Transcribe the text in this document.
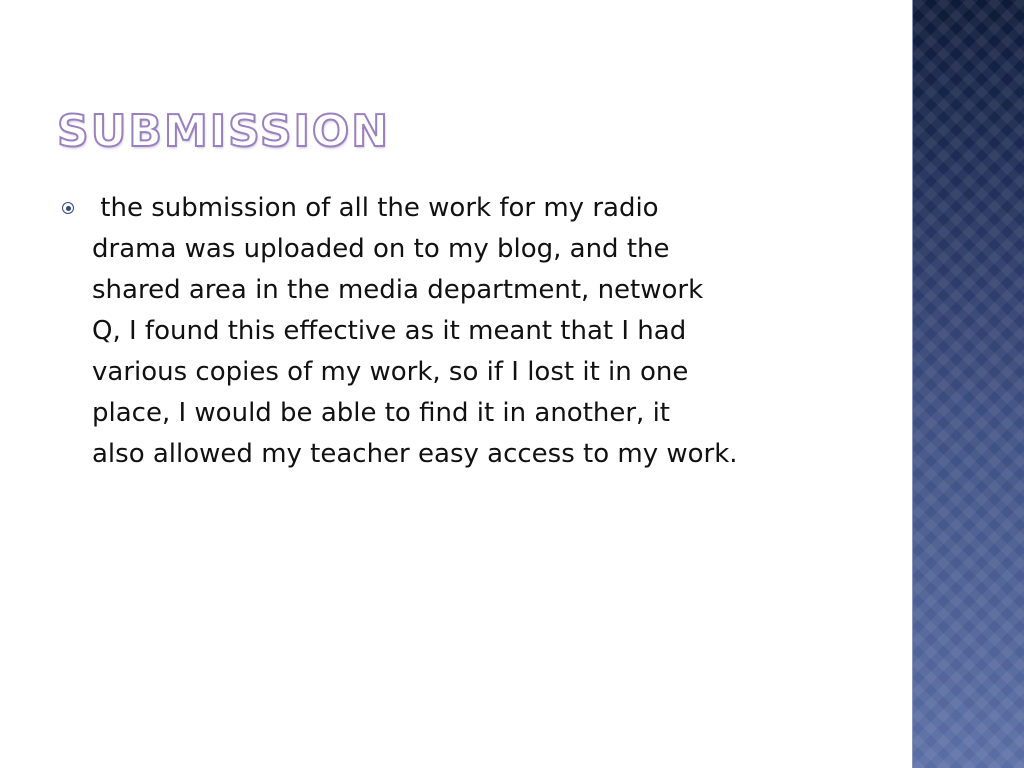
SUBMISSION

the submission of all the work for my radio
drama was uploaded on to my blog, and the
shared area in the media department, network
Q, I found this effective as it meant that I had
various copies of my work, so if I lost it in one
place, I would be able to find it in another, it
also allowed my teacher easy access to my work.
